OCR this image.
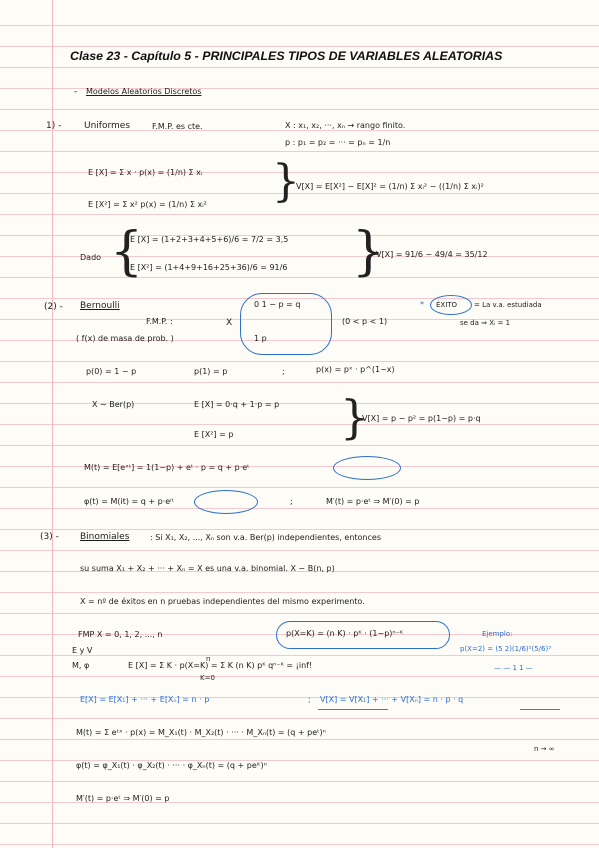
Clase 23 - Capítulo 5 - PRINCIPALES TIPOS DE VARIABLES ALEATORIAS
- Modelos Aleatorios Discretos
1) -	Uniformes	F.M.P. es cte.	X : x₁, x₂, ···, xₙ → rango finito.
p : p₁ = p₂ = ··· = pₙ = 1/n
E [X] = Σ x · p(x) = (1/n) Σ xᵢ
E [X²] = Σ x² p(x) = (1/n) Σ xᵢ² }
V[X] = E[X²] − E[X]² = (1/n) Σ xᵢ² − ((1/n) Σ xᵢ)²
Dado {
E [X] = (1+2+3+4+5+6)/6 = 7/2 = 3,5
E [X²] = (1+4+9+16+25+36)/6 = 91/6 }
V[X] = 91/6 − 49/4 = 35/12
(2) - Bernoulli
F.M.P. :
( f(x) de masa de prob. )
X
0 1 − p = q
1 p
(0 < p < 1)
* ÉXITO = La v.a. estudiada
se da ⇒ Xᵢ = 1
p(0) = 1 − p	p(1) = p	;	p(x) = pˣ · p^(1−x)
X ∼ Ber(p)	E [X] = 0·q + 1·p = p
E [X²] = p }
V[X] = p − p² = p(1−p) = p·q
M(t) = E[eˣᵗ] = 1(1−p) + eᵗ · p = q + p·eᵗ
φ(t) = M(it) = q + p·eⁱᵗ	;	M′(t) = p·eᵗ ⇒ M′(0) = p
(3) - Binomiales	: Si X₁, X₂, ..., Xₙ son v.a. Ber(p) independientes, entonces
su suma X₁ + X₂ + ··· + Xₙ = X es una v.a. binomial. X ∼ B(n, p)
X = nº de éxitos en n pruebas independientes del mismo experimento.
FMP X = 0, 1, 2, ..., n	p(X=K) = (n K) · pᴷ · (1−p)ⁿ⁻ᴷ	Ejemplo:
p(X=2) = (5 2)(1/6)²(5/6)³
— — 1 1 —
E y V
M, φ	E [X] = Σ K · p(X=K) = Σ K (n K) pᴷ qⁿ⁻ᴷ = ¡inf!
n
K=0
E[X] = E[X₁] + ··· + E[Xₙ] = n · p	; V[X] = V[X₁] + ··· + V[Xₙ] = n · p · q
M(t) = Σ eᵗˣ · p(x) = M_X₁(t) · M_X₂(t) · ··· · M_Xₙ(t) = (q + peᵗ)ⁿ
n → ∞
φ(t) = φ_X₁(t) · φ_X₂(t) · ··· · φ_Xₙ(t) = (q + peⁱᵗ)ⁿ
M′(t) = p·eᵗ ⇒ M′(0) = p
